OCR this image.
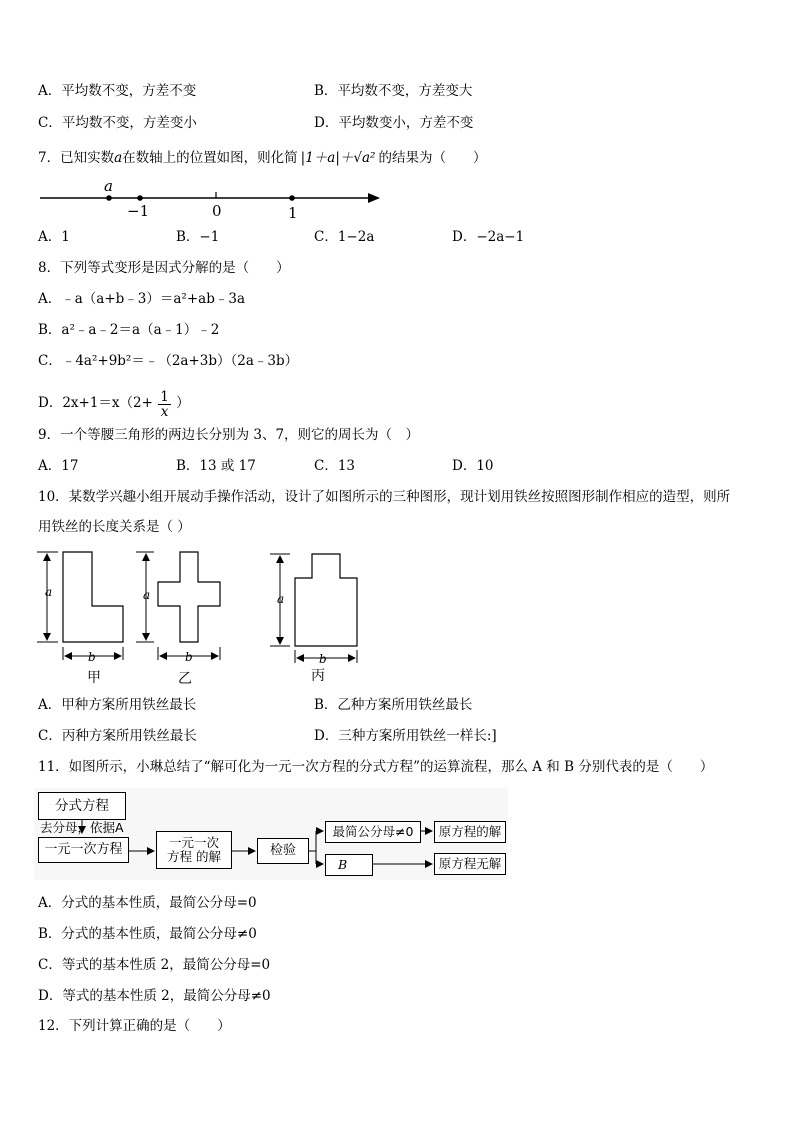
A．平均数不变，方差不变	B．平均数不变，方差变大
C．平均数不变，方差变小	D．平均数变小，方差不变
7．已知实数a在数轴上的位置如图，则化简 |1＋a|＋√a² 的结果为（　　）
a
−1	0	1
A．1	B．−1	C．1−2a	D．−2a−1
8．下列等式变形是因式分解的是（　　）
A．﹣a（a+b﹣3）＝a²+ab﹣3a
B．a²﹣a﹣2＝a（a﹣1）﹣2
C．﹣4a²+9b²＝﹣（2a+3b）（2a﹣3b）
D．$2x+1=x(2+ \frac{1}{x}$ ）
9．一个等腰三角形的两边长分别为 3、7，则它的周长为（　）
A．17	B．13 或 17	C．13	D．10
10．某数学兴趣小组开展动手操作活动，设计了如图所示的三种图形，现计划用铁丝按照图形制作相应的造型，则所
用铁丝的长度关系是（ ）
a
b
甲
a
b
乙
a
b
丙
A．甲种方案所用铁丝最长	B．乙种方案所用铁丝最长
C．丙种方案所用铁丝最长	D．三种方案所用铁丝一样长:]
11．如图所示，小琳总结了“解可化为一元一次方程的分式方程”的运算流程，那么 A 和 B 分别代表的是（　　）
分式方程
去分母，依据A
一元一次方程	一元一次
方程 的解	检验
最简公分母≠0
B
原方程的解
原方程无解
A．分式的基本性质，最简公分母=0
B．分式的基本性质，最简公分母≠0
C．等式的基本性质 2，最简公分母=0
D．等式的基本性质 2，最简公分母≠0
12．下列计算正确的是（　　）
